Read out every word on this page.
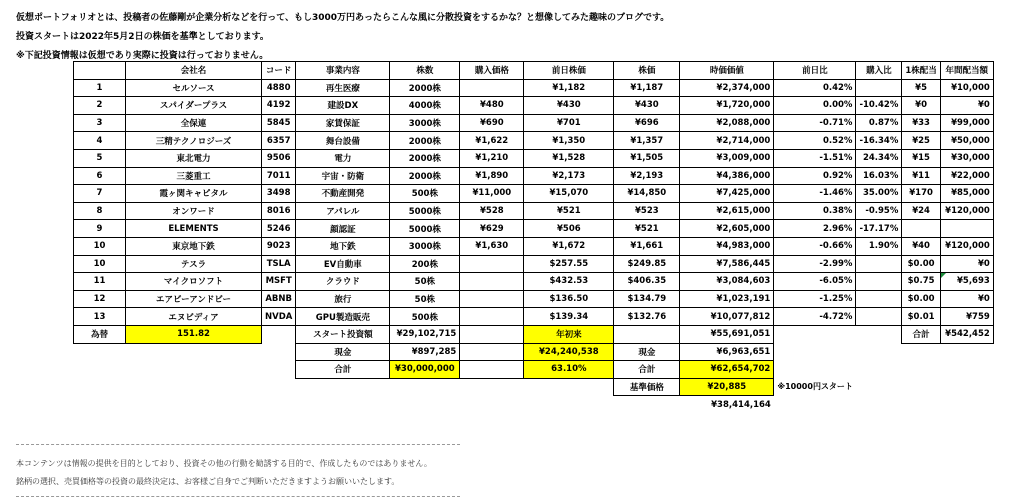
仮想ポートフォリオとは、投稿者の佐藤剛が企業分析などを行って、もし3000万円あったらこんな風に分散投資をするかな？と想像してみた趣味のブログです。
投資スタートは2022年5月2日の株価を基準としております。
※下記投資情報は仮想であり実際に投資は行っておりません。
	会社名	コード	事業内容	株数	購入価格	前日株価	株価	時価価値	前日比	購入比	1株配当	年間配当額
1	セルソース	4880	再生医療	2000株		¥1,182	¥1,187	¥2,374,000	0.42%		¥5	¥10,000
2	スパイダープラス	4192	建設DX	4000株	¥480	¥430	¥430	¥1,720,000	0.00%	-10.42%	¥0	¥0
3	全保連	5845	家賃保証	3000株	¥690	¥701	¥696	¥2,088,000	-0.71%	0.87%	¥33	¥99,000
4	三精テクノロジーズ	6357	舞台設備	2000株	¥1,622	¥1,350	¥1,357	¥2,714,000	0.52%	-16.34%	¥25	¥50,000
5	東北電力	9506	電力	2000株	¥1,210	¥1,528	¥1,505	¥3,009,000	-1.51%	24.34%	¥15	¥30,000
6	三菱重工	7011	宇宙・防衛	2000株	¥1,890	¥2,173	¥2,193	¥4,386,000	0.92%	16.03%	¥11	¥22,000
7	霞ヶ関キャピタル	3498	不動産開発	500株	¥11,000	¥15,070	¥14,850	¥7,425,000	-1.46%	35.00%	¥170	¥85,000
8	オンワード	8016	アパレル	5000株	¥528	¥521	¥523	¥2,615,000	0.38%	-0.95%	¥24	¥120,000
9	ELEMENTS	5246	顔認証	5000株	¥629	¥506	¥521	¥2,605,000	2.96%	-17.17%		
10	東京地下鉄	9023	地下鉄	3000株	¥1,630	¥1,672	¥1,661	¥4,983,000	-0.66%	1.90%	¥40	¥120,000
10	テスラ	TSLA	EV自動車	200株		$257.55	$249.85	¥7,586,445	-2.99%		$0.00	¥0
11	マイクロソフト	MSFT	クラウド	50株		$432.53	$406.35	¥3,084,603	-6.05%		$0.75	¥5,693
12	エアビーアンドビー	ABNB	旅行	50株		$136.50	$134.79	¥1,023,191	-1.25%		$0.00	¥0
13	エヌビディア	NVDA	GPU製造販売	500株		$139.34	$132.76	¥10,077,812	-4.72%		$0.01	¥759
為替	151.82		スタート投資額	¥29,102,715		年初来		¥55,691,051			合計	¥542,452
			現金	¥897,285		¥24,240,538	現金	¥6,963,651				
			合計	¥30,000,000		63.10%	合計	¥62,654,702				
							基準価格	¥20,885	※10000円スタート			
								¥38,414,164				
本コンテンツは情報の提供を目的としており、投資その他の行動を勧誘する目的で、作成したものではありません。
銘柄の選択、売買価格等の投資の最終決定は、お客様ご自身でご判断いただきますようお願いいたします。
